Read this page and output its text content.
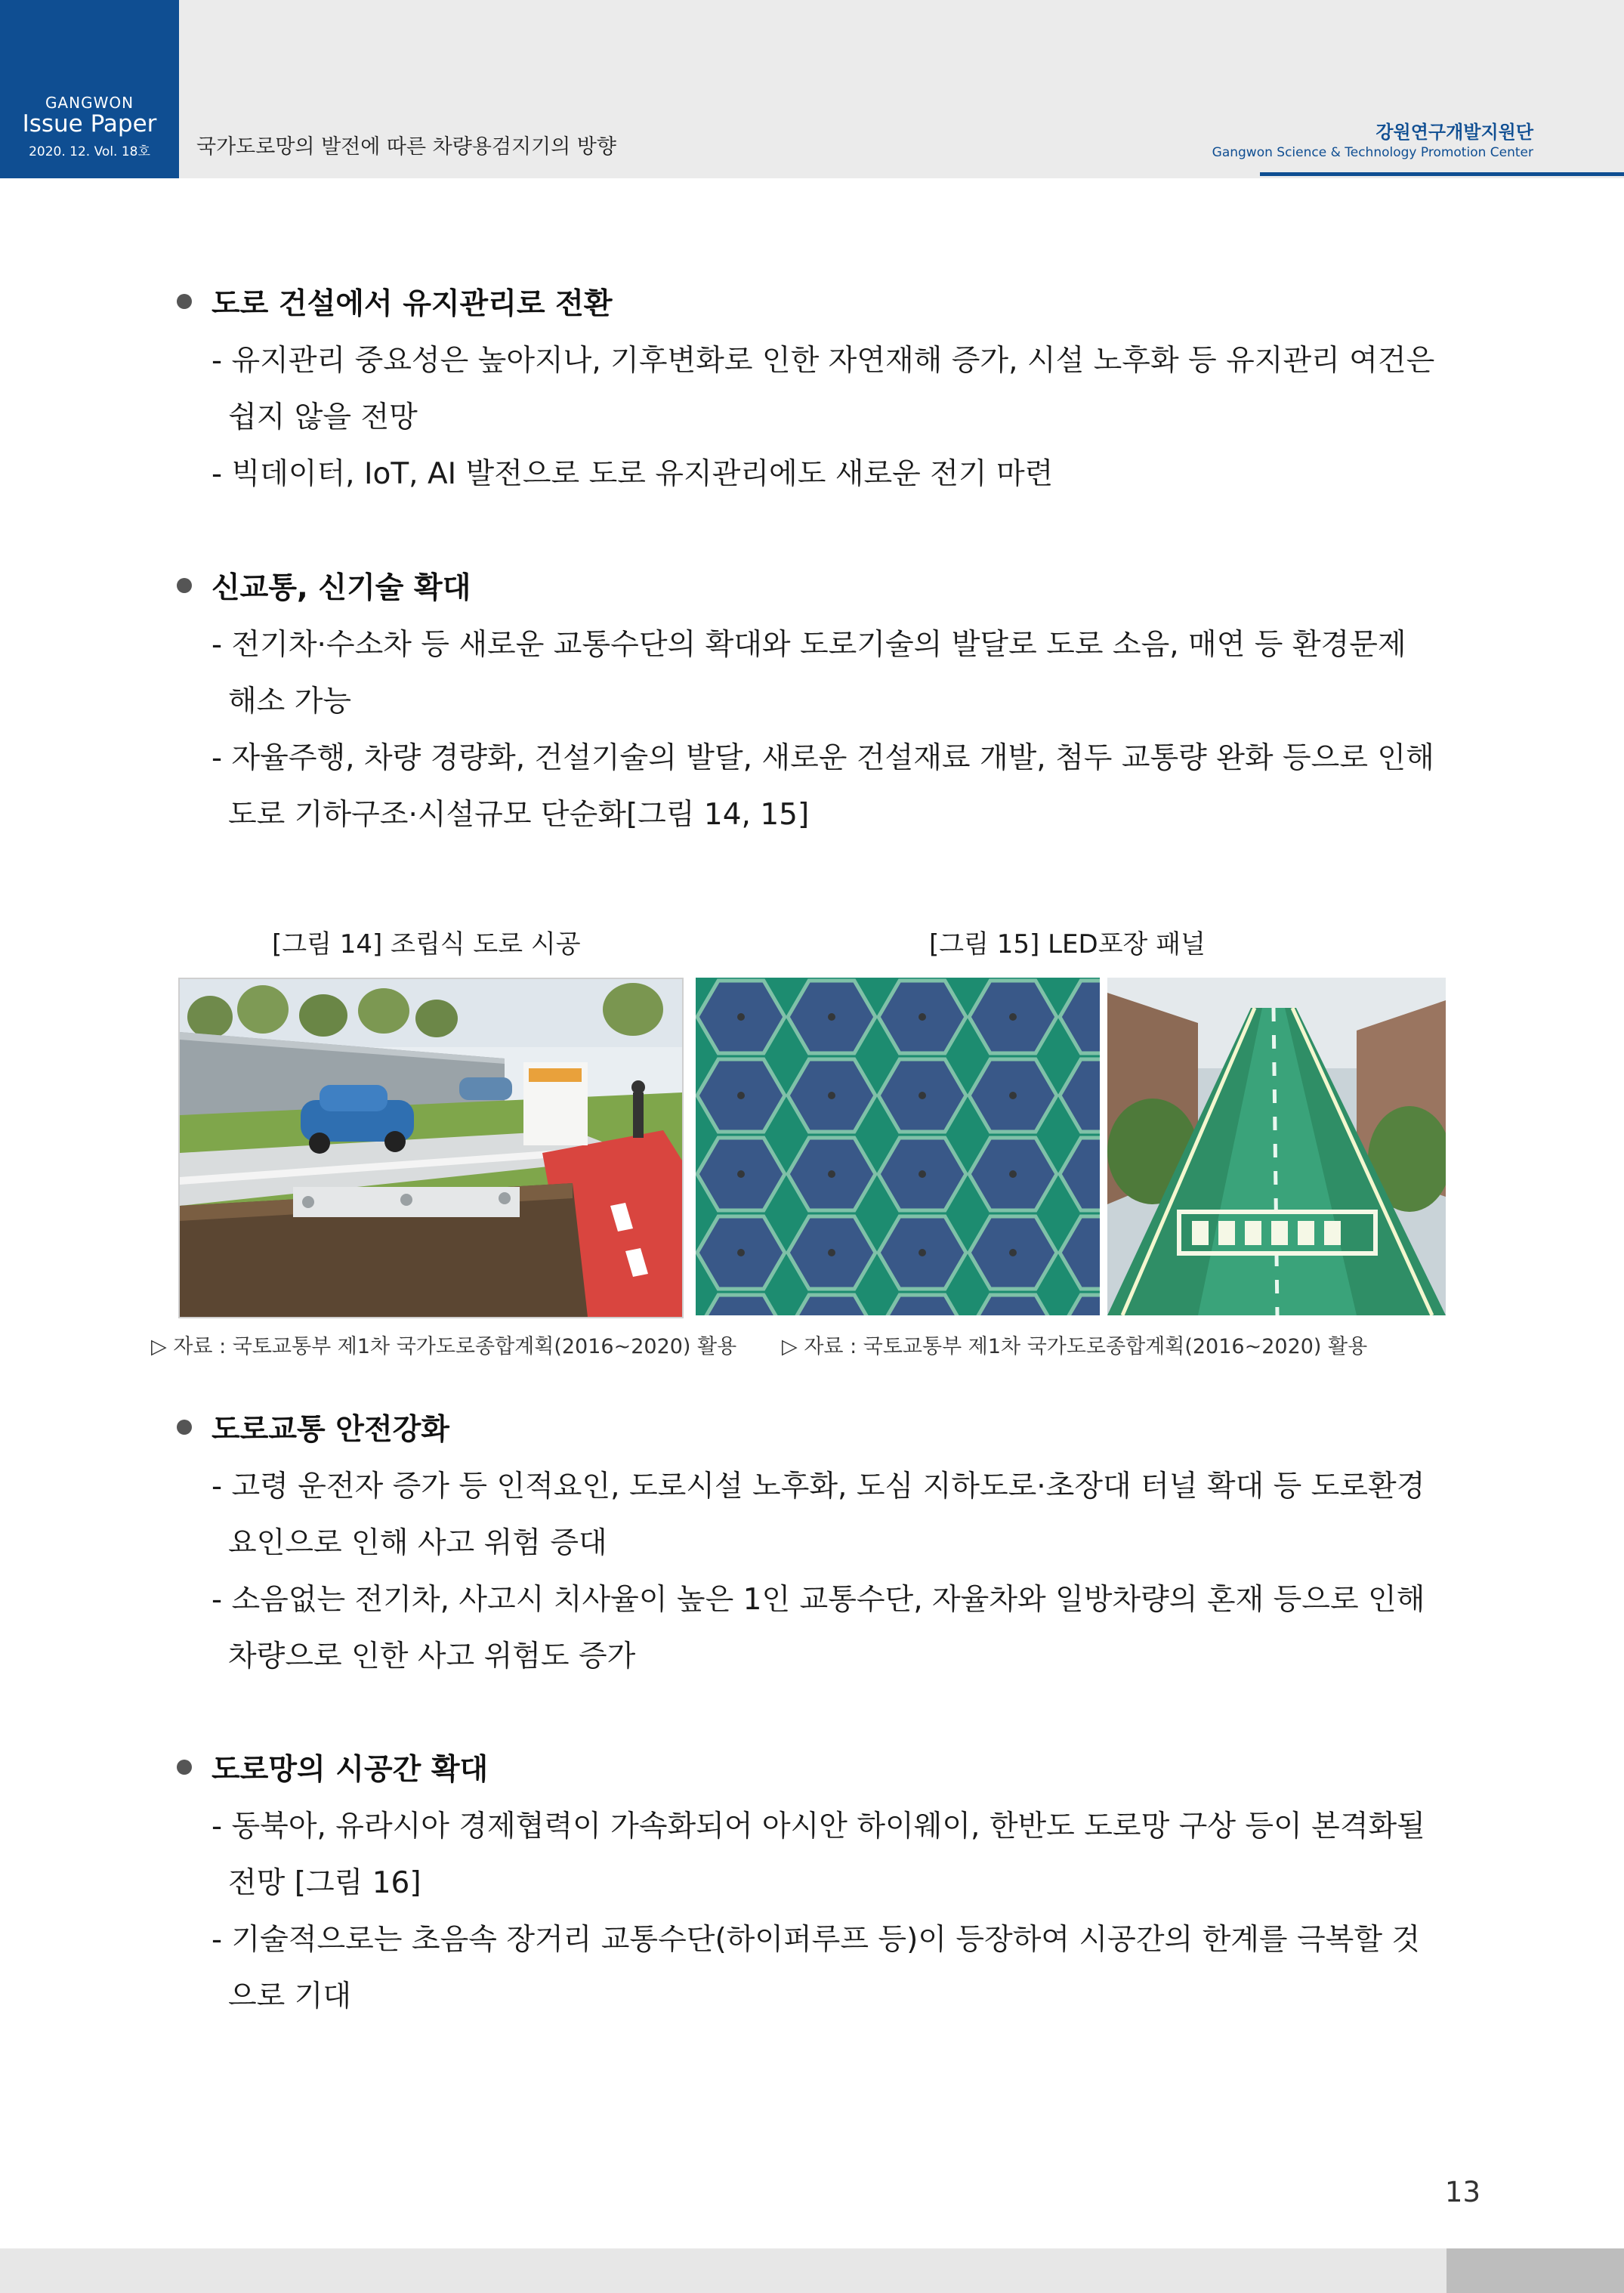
GANGWON
Issue Paper
2020. 12. Vol. 18호	국가도로망의 발전에 따른 차량용검지기의 방향
강원연구개발지원단
Gangwon Science & Technology Promotion Center
도로 건설에서 유지관리로 전환
- 유지관리 중요성은 높아지나, 기후변화로 인한 자연재해 증가, 시설 노후화 등 유지관리 여건은
쉽지 않을 전망
- 빅데이터, IoT, AI 발전으로 도로 유지관리에도 새로운 전기 마련
신교통, 신기술 확대
- 전기차·수소차 등 새로운 교통수단의 확대와 도로기술의 발달로 도로 소음, 매연 등 환경문제
해소 가능
- 자율주행, 차량 경량화, 건설기술의 발달, 새로운 건설재료 개발, 첨두 교통량 완화 등으로 인해
도로 기하구조·시설규모 단순화[그림 14, 15]
[그림 14] 조립식 도로 시공	[그림 15] LED포장 패널
▷ 자료 : 국토교통부 제1차 국가도로종합계획(2016~2020) 활용 ▷ 자료 : 국토교통부 제1차 국가도로종합계획(2016~2020) 활용
도로교통 안전강화
- 고령 운전자 증가 등 인적요인, 도로시설 노후화, 도심 지하도로·초장대 터널 확대 등 도로환경
요인으로 인해 사고 위험 증대
- 소음없는 전기차, 사고시 치사율이 높은 1인 교통수단, 자율차와 일방차량의 혼재 등으로 인해
차량으로 인한 사고 위험도 증가
도로망의 시공간 확대
- 동북아, 유라시아 경제협력이 가속화되어 아시안 하이웨이, 한반도 도로망 구상 등이 본격화될
전망 [그림 16]
- 기술적으로는 초음속 장거리 교통수단(하이퍼루프 등)이 등장하여 시공간의 한계를 극복할 것
으로 기대
13
